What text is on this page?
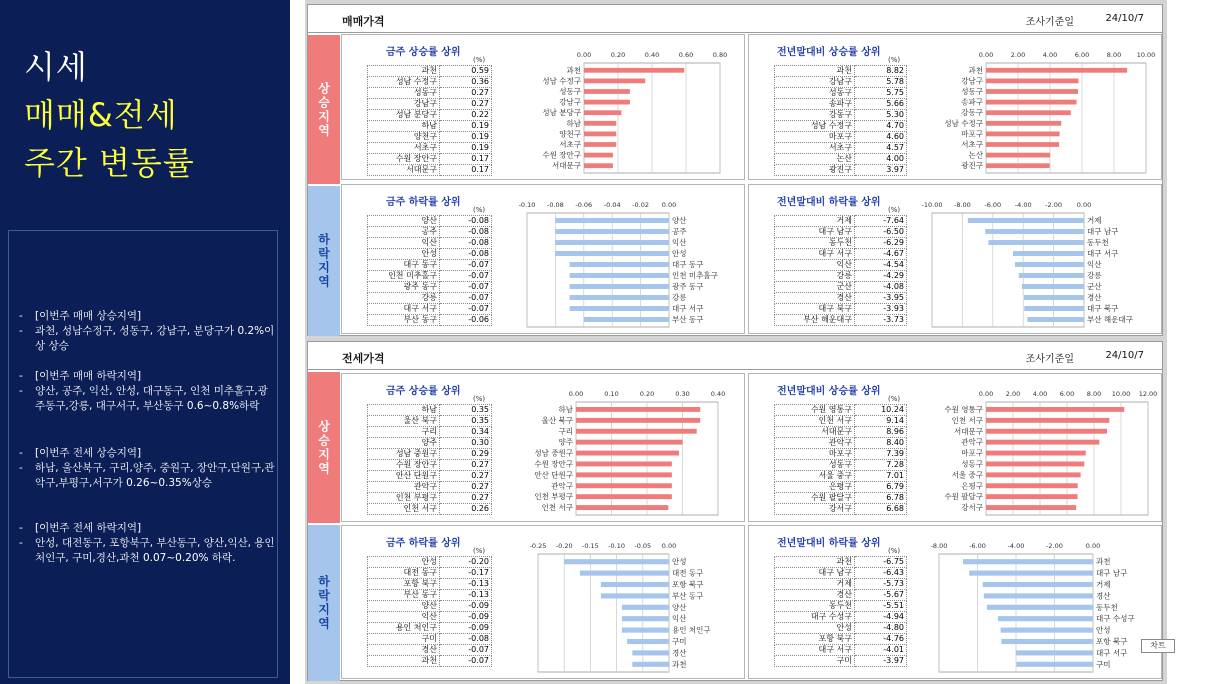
시세
매매&전세
주간 변동률
-	[이번주 매매 상승지역]
-	과천, 성남수정구, 성동구, 강남구, 분당구가 0.2%이상 상승
-	[이번주 매매 하락지역]
-	양산, 공주, 익산, 안성, 대구동구, 인천 미추홀구,광주동구,강릉, 대구서구, 부산동구 0.6~0.8%하락
-	[이번주 전세 상승지역]
-	하남, 울산북구, 구리,양주, 중원구, 장안구,단원구,관악구,부평구,서구가 0.26~0.35%상승
-	[이번주 전세 하락지역]
-	안성, 대전동구, 포항북구, 부산동구, 양산,익산, 용인처인구, 구미,경산,과천 0.07~0.20% 하락.
매매가격	조사기준일	24/10/7
상승지역
하락지역
전세가격	조사기준일	24/10/7
상승지역
하락지역
금주 상승률 상위
(%)
과천	0.59
성남 수정구	0.36
성동구	0.27
강남구	0.27
성남 분당구	0.22
하남	0.19
양천구	0.19
서초구	0.19
수원 장안구	0.17
서대문구	0.17
0.00	0.20	0.40	0.60	0.80
과천
성남 수정구
성동구
강남구
성남 분당구
하남
양천구
서초구
수원 장안구
서대문구
전년말대비 상승률 상위
(%)
과천	8.82
강남구	5.78
성동구	5.75
송파구	5.66
강동구	5.30
성남 수정구	4.70
마포구	4.60
서초구	4.57
논산	4.00
광진구	3.97
0.00	2.00	4.00	6.00	8.00 10.00
과천
강남구
성동구
송파구
강동구
성남 수정구
마포구
서초구
논산
광진구
금주 하락률 상위
(%)
양산	-0.08
공주	-0.08
익산	-0.08
안성	-0.08
대구 동구	-0.07
인천 미추홀구	-0.07
광주 동구	-0.07
강릉	-0.07
대구 서구	-0.07
부산 동구	-0.06
-0.10 -0.08 -0.06 -0.04 -0.02 0.00
양산
공주
익산
안성
대구 동구
인천 미추홀구
광주 동구
강릉
대구 서구
부산 동구
전년말대비 하락률 상위
(%)
거제	-7.64
대구 남구	-6.50
동두천	-6.29
대구 서구	-4.67
익산	-4.54
강릉	-4.29
군산	-4.08
경산	-3.95
대구 북구	-3.93
부산 해운대구	-3.73
-10.00 -8.00 -6.00 -4.00 -2.00 0.00
거제
대구 남구
동두천
대구 서구
익산
강릉
군산
경산
대구 북구
부산 해운대구
금주 상승률 상위
(%)
하남	0.35
울산 북구	0.35
구리	0.34
양주	0.30
성남 중원구	0.29
수원 장안구	0.27
안산 단원구	0.27
관악구	0.27
인천 부평구	0.27
인천 서구	0.26
0.00	0.10	0.20	0.30	0.40
하남
울산 북구
구리
양주
성남 중원구
수원 장안구
안산 단원구
관악구
인천 부평구
인천 서구
전년말대비 상승률 상위
(%)
수원 영통구	10.24
인천 서구	9.14
서대문구	8.96
관악구	8.40
마포구	7.39
성동구	7.28
서울 중구	7.01
은평구	6.79
수원 팔달구	6.78
강서구	6.68
0.00 2.00 4.00 6.00 8.00 10.00 12.00
수원 영통구
인천 서구
서대문구
관악구
마포구
성동구
서울 중구
은평구
수원 팔달구
강서구
금주 하락률 상위
(%)
안성	-0.20
대전 동구	-0.17
포항 북구	-0.13
부산 동구	-0.13
양산	-0.09
익산	-0.09
용인 처인구	-0.09
구미	-0.08
경산	-0.07
과천	-0.07
-0.25 -0.20 -0.15 -0.10 -0.05 0.00
안성
대전 동구
포항 북구
부산 동구
양산
익산
용인 처인구
구미
경산
과천
전년말대비 하락률 상위
(%)
과천	-6.75
대구 남구	-6.43
거제	-5.73
경산	-5.67
동두천	-5.51
대구 수성구	-4.94
안성	-4.80
포항 북구	-4.76
대구 서구	-4.01
구미	-3.97
-8.00	-6.00	-4.00	-2.00	0.00
과천
대구 남구
거제
경산
동두천
대구 수성구
안성
포항 북구
대구 서구
구미
차트
